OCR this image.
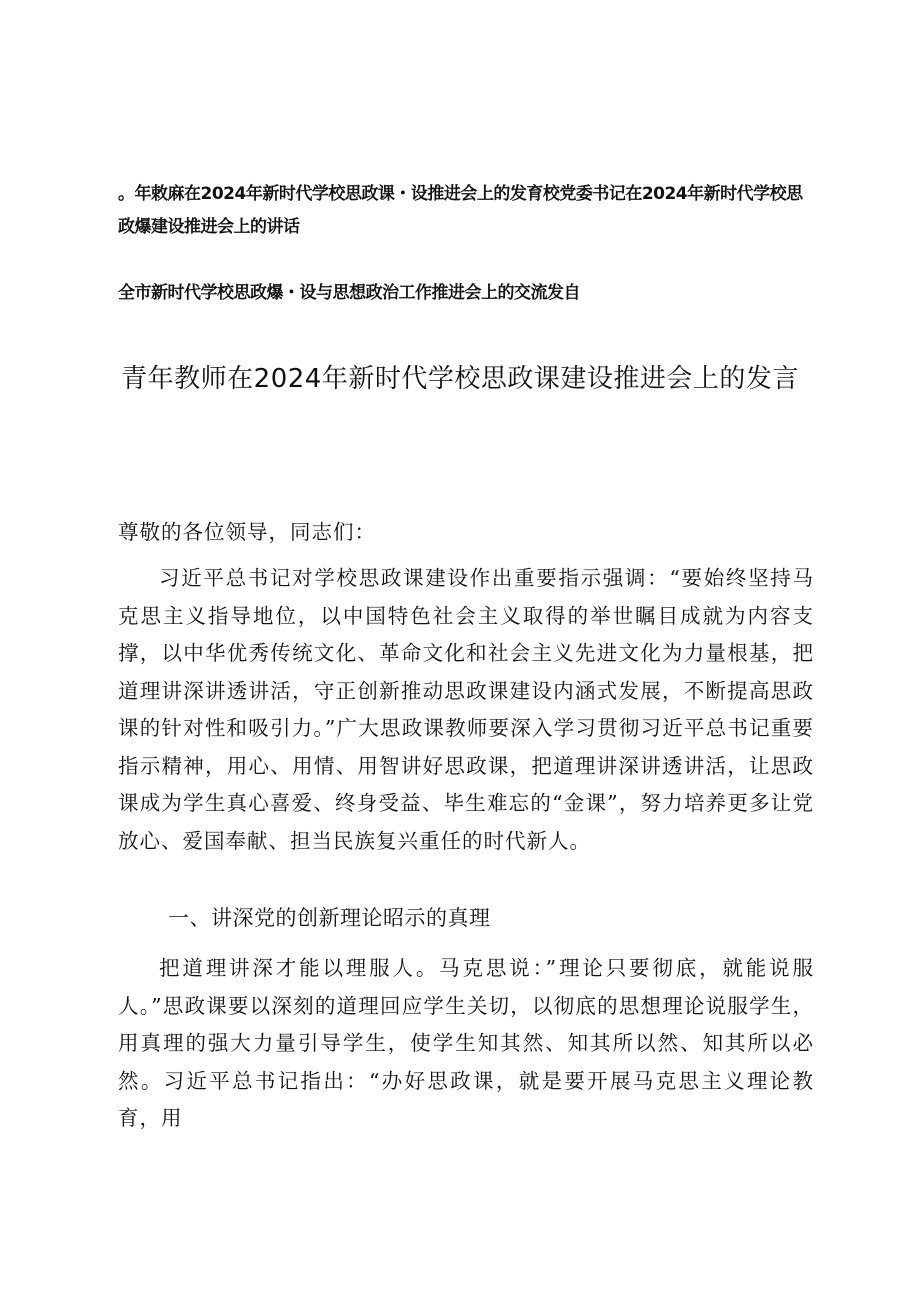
。年敕麻在2024年新时代学校思政课・设推进会上的发育校党委书记在2024年新时代学校思政爆建设推进会上的讲话
全市新时代学校思政爆・设与思想政治工作推进会上的交流发自
青年教师在2024年新时代学校思政课建设推进会上的发言
尊敬的各位领导，同志们：
习近平总书记对学校思政课建设作出重要指示强调：“要始终坚持马克思主义指导地位，以中国特色社会主义取得的举世瞩目成就为内容支撑，以中华优秀传统文化、革命文化和社会主义先进文化为力量根基，把道理讲深讲透讲活，守正创新推动思政课建设内涵式发展，不断提高思政课的针对性和吸引力。”广大思政课教师要深入学习贯彻习近平总书记重要指示精神，用心、用情、用智讲好思政课，把道理讲深讲透讲活，让思政课成为学生真心喜爱、终身受益、毕生难忘的“金课”，努力培养更多让党放心、爱国奉献、担当民族复兴重任的时代新人。
一、讲深党的创新理论昭示的真理
把道理讲深才能以理服人。马克思说：”理论只要彻底，就能说服人。”思政课要以深刻的道理回应学生关切，以彻底的思想理论说服学生，用真理的强大力量引导学生，使学生知其然、知其所以然、知其所以必然。习近平总书记指出：“办好思政课，就是要开展马克思主义理论教育，用
